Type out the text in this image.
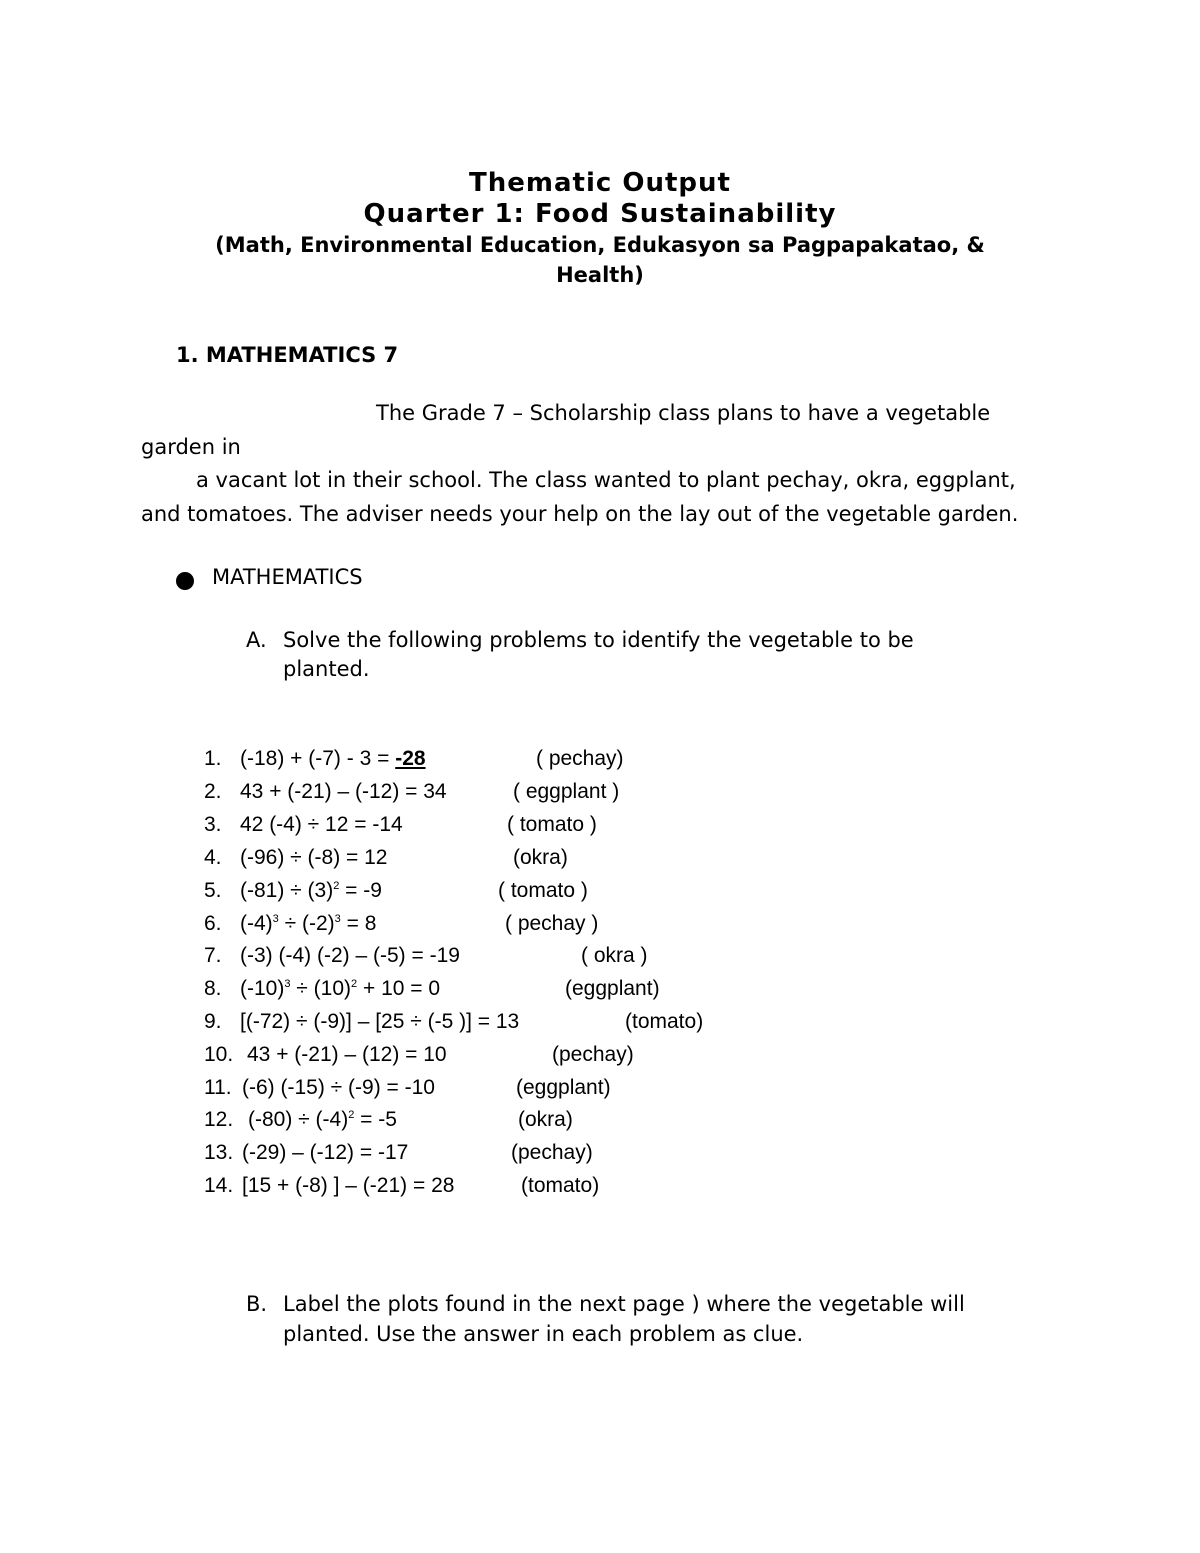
Thematic Output
Quarter 1: Food Sustainability
(Math, Environmental Education, Edukasyon sa Pagpapakatao, &
Health)
1. MATHEMATICS 7
The Grade 7 – Scholarship class plans to have a vegetable
garden in
a vacant lot in their school. The class wanted to plant pechay, okra, eggplant,
and tomatoes. The adviser needs your help on the lay out of the vegetable garden.
MATHEMATICS
A. Solve the following problems to identify the vegetable to be
planted.
1. (-18) + (-7) - 3 = -28	( pechay)
2. 43 + (-21) – (-12) = 34	( eggplant )
3. 42 (-4) ÷ 12 = -14	( tomato )
4. (-96) ÷ (-8) = 12	(okra)
5. $(-81) \div (3)^2 = -9$	( tomato )
6. $(-4)^3 \div (-2)^3 = 8$	( pechay )
7. (-3) (-4) (-2) – (-5) = -19	( okra )
8. $(-10)^3 \div (10)^2 + 10 = 0$	(eggplant)
9. [(-72) ÷ (-9)] – [25 ÷ (-5 )] = 13	(tomato)
10. 43 + (-21) – (12) = 10	(pechay)
11. (-6) (-15) ÷ (-9) = -10	(eggplant)
12. $(-80) \div (-4)^2 = -5$	(okra)
13. (-29) – (-12) = -17	(pechay)
14. [15 + (-8) ] – (-21) = 28	(tomato)
B. Label the plots found in the next page ) where the vegetable will
planted. Use the answer in each problem as clue.
